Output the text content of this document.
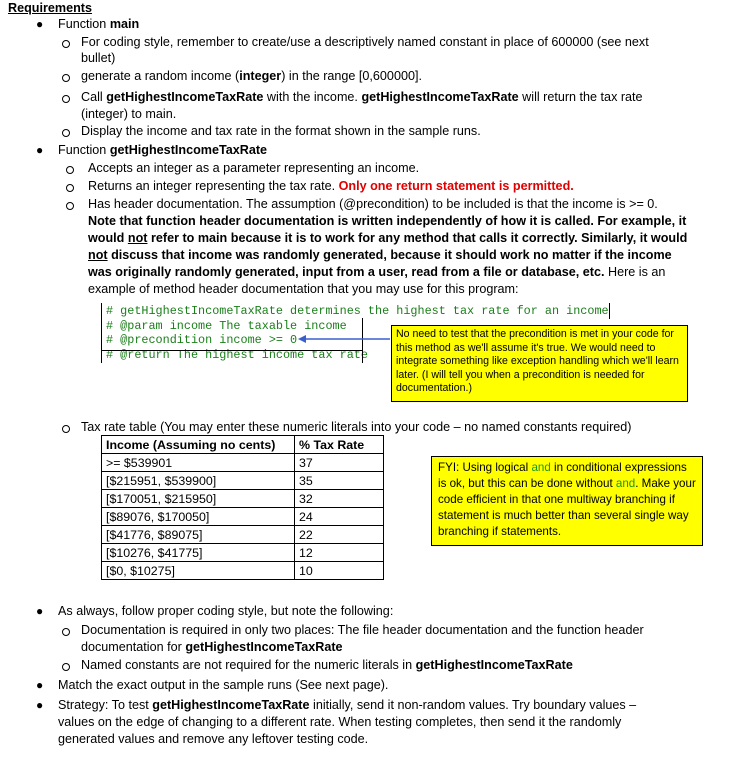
Requirements
● Function main
For coding style, remember to create/use a descriptively named constant in place of 600000 (see next
bullet)
generate a random income (integer) in the range [0,600000].
Call getHighestIncomeTaxRate with the income. getHighestIncomeTaxRate will return the tax rate
(integer) to main.
Display the income and tax rate in the format shown in the sample runs.
● Function getHighestIncomeTaxRate
Accepts an integer as a parameter representing an income.
Returns an integer representing the tax rate. Only one return statement is permitted.
Has header documentation. The assumption (@precondition) to be included is that the income is >= 0.
Note that function header documentation is written independently of how it is called. For example, it
would not refer to main because it is to work for any method that calls it correctly. Similarly, it would
not discuss that income was randomly generated, because it should work no matter if the income
was originally randomly generated, input from a user, read from a file or database, etc. Here is an
example of method header documentation that you may use for this program:
# getHighestIncomeTaxRate determines the highest tax rate for an income
# @param income The taxable income
# @precondition income >= 0
# @return The highest income tax rate
No need to test that the precondition is met in your code for this method as we'll assume it's true. We would need to integrate something like exception handling which we'll learn later. (I will tell you when a precondition is needed for documentation.)
Tax rate table (You may enter these numeric literals into your code – no named constants required)
Income (Assuming no cents)	% Tax Rate
>= $539901	37
[$215951, $539900]	35
[$170051, $215950]	32
[$89076, $170050]	24
[$41776, $89075]	22
[$10276, $41775]	12
[$0, $10275]	10
FYI: Using logical and in conditional expressions is ok, but this can be done without and. Make your code efficient in that one multiway branching if statement is much better than several single way branching if statements.
● As always, follow proper coding style, but note the following:
Documentation is required in only two places: The file header documentation and the function header
documentation for getHighestIncomeTaxRate
Named constants are not required for the numeric literals in getHighestIncomeTaxRate
● Match the exact output in the sample runs (See next page).
● Strategy: To test getHighestIncomeTaxRate initially, send it non-random values. Try boundary values –
values on the edge of changing to a different rate. When testing completes, then send it the randomly
generated values and remove any leftover testing code.
